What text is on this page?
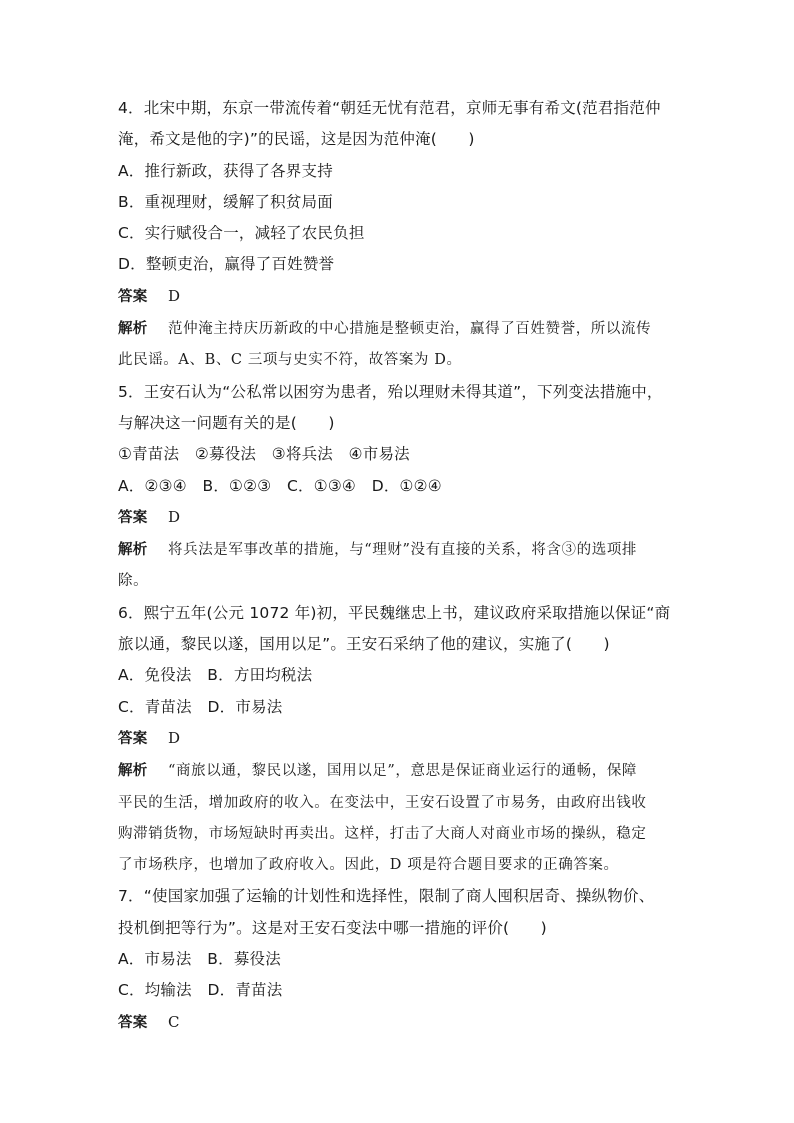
4．北宋中期，东京一带流传着“朝廷无忧有范君，京师无事有希文(范君指范仲
淹，希文是他的字)”的民谣，这是因为范仲淹(　　)
A．推行新政，获得了各界支持
B．重视理财，缓解了积贫局面
C．实行赋役合一，减轻了农民负担
D．整顿吏治，赢得了百姓赞誉
答案 D
解析 范仲淹主持庆历新政的中心措施是整顿吏治，赢得了百姓赞誉，所以流传
此民谣。A、B、C 三项与史实不符，故答案为 D。
5．王安石认为“公私常以困穷为患者，殆以理财未得其道”，下列变法措施中，
与解决这一问题有关的是(　　)
①青苗法　②募役法　③将兵法　④市易法
A．②③④　B．①②③　C．①③④　D．①②④
答案 D
解析 将兵法是军事改革的措施，与“理财”没有直接的关系，将含③的选项排
除。
6．熙宁五年(公元 1072 年)初，平民魏继忠上书，建议政府采取措施以保证“商
旅以通，黎民以遂，国用以足”。王安石采纳了他的建议，实施了(　　)
A．免役法　B．方田均税法
C．青苗法　D．市易法
答案 D
解析 “商旅以通，黎民以遂，国用以足”，意思是保证商业运行的通畅，保障
平民的生活，增加政府的收入。在变法中，王安石设置了市易务，由政府出钱收
购滞销货物，市场短缺时再卖出。这样，打击了大商人对商业市场的操纵，稳定
了市场秩序，也增加了政府收入。因此，D 项是符合题目要求的正确答案。
7．“使国家加强了运输的计划性和选择性，限制了商人囤积居奇、操纵物价、
投机倒把等行为”。这是对王安石变法中哪一措施的评价(　　)
A．市易法　B．募役法
C．均输法　D．青苗法
答案 C
